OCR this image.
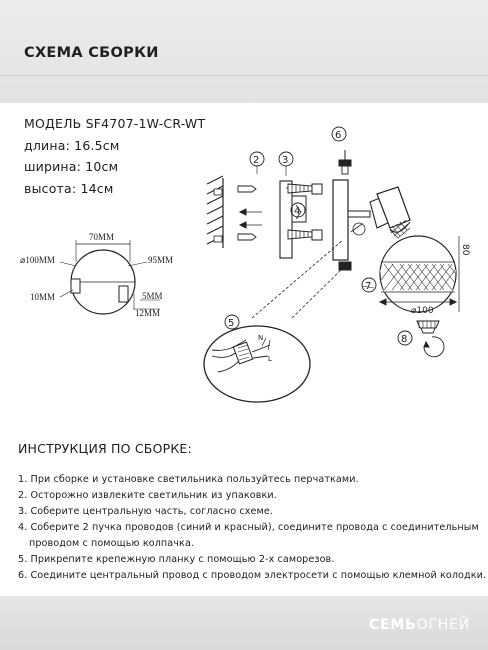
СХЕМА СБОРКИ
МОДЕЛЬ SF4707-1W-CR-WT
длина: 16.5см
ширина: 10см
высота: 14см
70MM
⌀100MM	95MM
10MM	5MM
12MM
80
⌀100
N
L
2 3
4
5
6
7
8
ИНСТРУКЦИЯ ПО СБОРКЕ:
1. При сборке и установке светильника пользуйтесь перчатками.
2. Осторожно извлеките светильник из упаковки.
3. Соберите центральную часть, согласно схеме.
4. Соберите 2 пучка проводов (синий и красный), соедините провода с соединительным
проводом с помощью колпачка.
5. Прикрепите крепежную планку с помощью 2-х саморезов.
6. Соедините центральный провод с проводом электросети с помощью клемной колодки.
СЕМЬОГНЕЙ
